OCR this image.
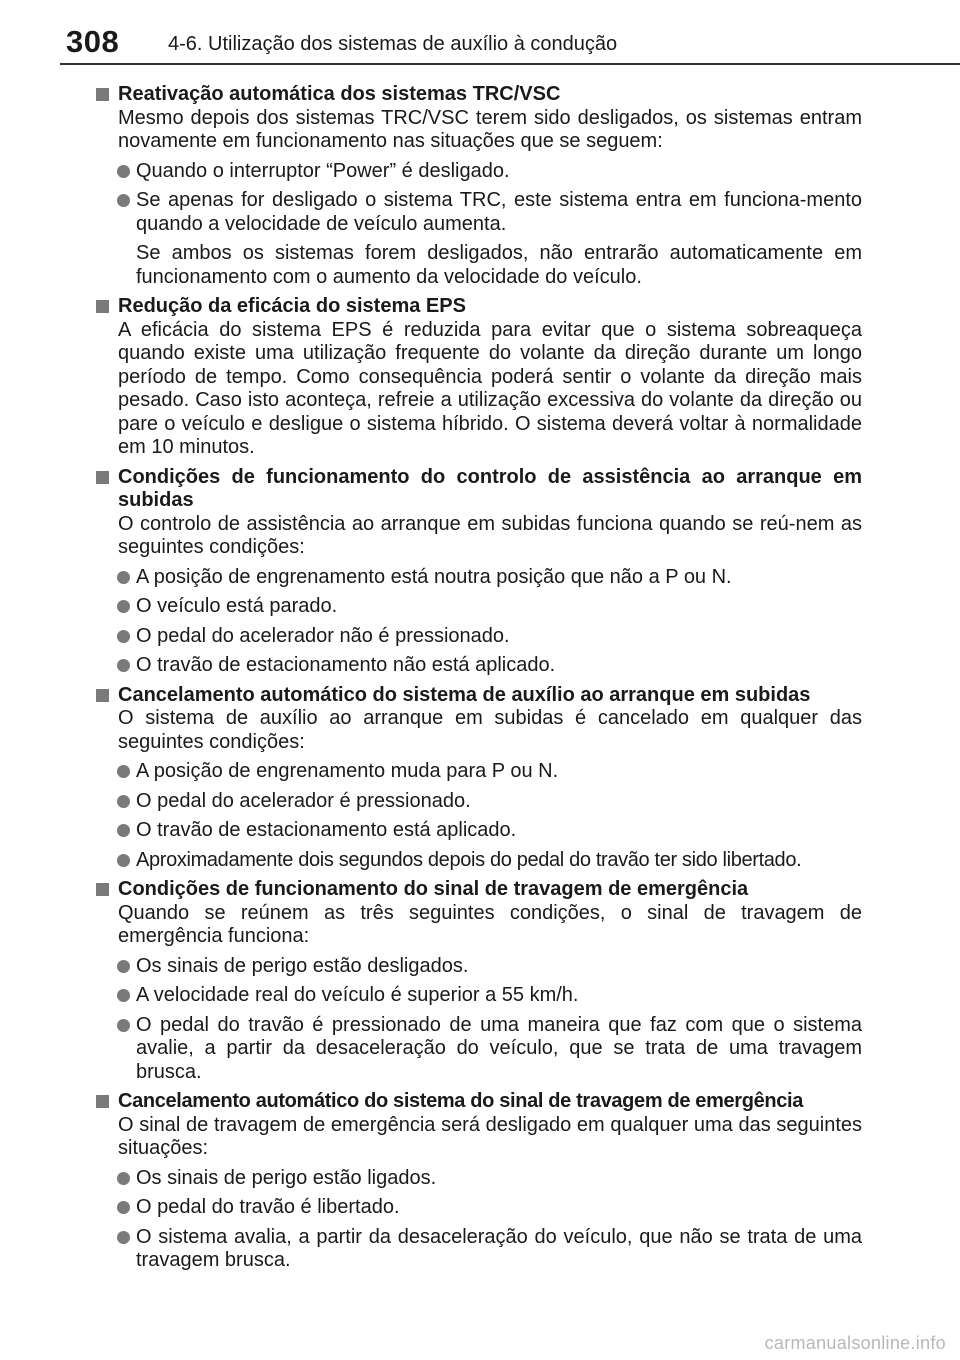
308 4-6. Utilização dos sistemas de auxílio à condução
Reativação automática dos sistemas TRC/VSC
Mesmo depois dos sistemas TRC/VSC terem sido desligados, os sistemas entram novamente em funcionamento nas situações que se seguem:
Quando o interruptor “Power” é desligado.
Se apenas for desligado o sistema TRC, este sistema entra em funciona-mento quando a velocidade de veículo aumenta.
Se ambos os sistemas forem desligados, não entrarão automaticamente em funcionamento com o aumento da velocidade do veículo.
Redução da eficácia do sistema EPS
A eficácia do sistema EPS é reduzida para evitar que o sistema sobreaqueça quando existe uma utilização frequente do volante da direção durante um longo período de tempo. Como consequência poderá sentir o volante da direção mais pesado. Caso isto aconteça, refreie a utilização excessiva do volante da direção ou pare o veículo e desligue o sistema híbrido. O sistema deverá voltar à normalidade em 10 minutos.
Condições de funcionamento do controlo de assistência ao arranque em subidas
O controlo de assistência ao arranque em subidas funciona quando se reú-nem as seguintes condições:
A posição de engrenamento está noutra posição que não a P ou N.
O veículo está parado.
O pedal do acelerador não é pressionado.
O travão de estacionamento não está aplicado.
Cancelamento automático do sistema de auxílio ao arranque em subidas
O sistema de auxílio ao arranque em subidas é cancelado em qualquer das seguintes condições:
A posição de engrenamento muda para P ou N.
O pedal do acelerador é pressionado.
O travão de estacionamento está aplicado.
Aproximadamente dois segundos depois do pedal do travão ter sido libertado.
Condições de funcionamento do sinal de travagem de emergência
Quando se reúnem as três seguintes condições, o sinal de travagem de emergência funciona:
Os sinais de perigo estão desligados.
A velocidade real do veículo é superior a 55 km/h.
O pedal do travão é pressionado de uma maneira que faz com que o sistema avalie, a partir da desaceleração do veículo, que se trata de uma travagem brusca.
Cancelamento automático do sistema do sinal de travagem de emergência
O sinal de travagem de emergência será desligado em qualquer uma das seguintes situações:
Os sinais de perigo estão ligados.
O pedal do travão é libertado.
O sistema avalia, a partir da desaceleração do veículo, que não se trata de uma travagem brusca.
carmanualsonline.info
